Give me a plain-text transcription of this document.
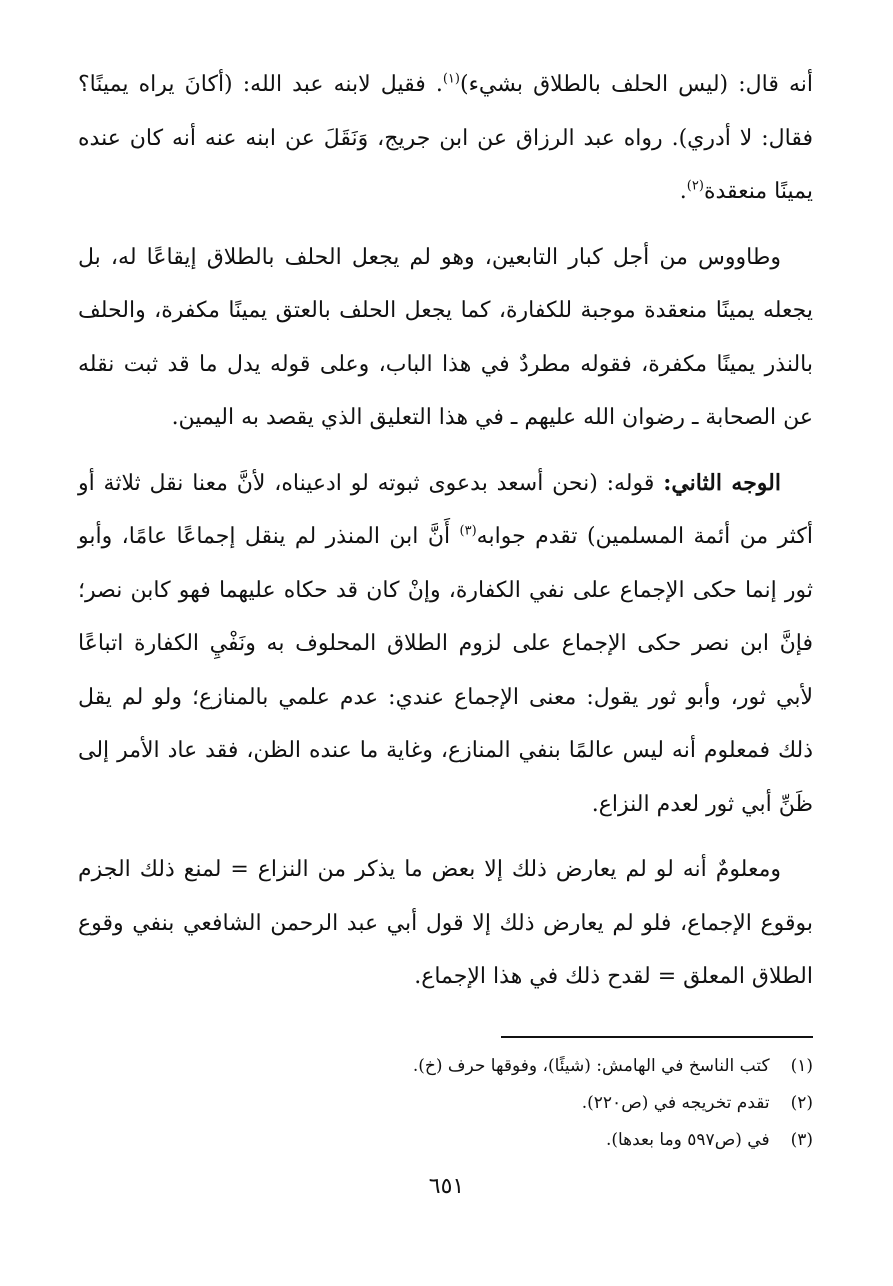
أنه قال: (ليس الحلف بالطلاق بشيء)$^{(١)}$. فقيل لابنه عبد الله: (أكانَ يراه يمينًا؟ فقال: لا أدري). رواه عبد الرزاق عن ابن جريج، وَنَقَلَ عن ابنه عنه أنه كان عنده يمينًا منعقدة$^{(٢)}$.

وطاووس من أجل كبار التابعين، وهو لم يجعل الحلف بالطلاق إيقاعًا له، بل يجعله يمينًا منعقدة موجبة للكفارة، كما يجعل الحلف بالعتق يمينًا مكفرة، والحلف بالنذر يمينًا مكفرة، فقوله مطردٌ في هذا الباب، وعلى قوله يدل ما قد ثبت نقله عن الصحابة ـ رضوان الله عليهم ـ في هذا التعليق الذي يقصد به اليمين.

الوجه الثاني: قوله: (نحن أسعد بدعوى ثبوته لو ادعيناه، لأنَّ معنا نقل ثلاثة أو أكثر من أئمة المسلمين) تقدم جوابه$^{(٣)}$ أَنَّ ابن المنذر لم ينقل إجماعًا عامًا، وأبو ثور إنما حكى الإجماع على نفي الكفارة، وإنْ كان قد حكاه عليهما فهو كابن نصر؛ فإنَّ ابن نصر حكى الإجماع على لزوم الطلاق المحلوف به ونَفْيِ الكفارة اتباعًا لأبي ثور، وأبو ثور يقول: معنى الإجماع عندي: عدم علمي بالمنازع؛ ولو لم يقل ذلك فمعلوم أنه ليس عالمًا بنفي المنازع، وغاية ما عنده الظن، فقد عاد الأمر إلى ظَنِّ أبي ثور لعدم النزاع.

ومعلومٌ أنه لو لم يعارض ذلك إلا بعض ما يذكر من النزاع = لمنع ذلك الجزم بوقوع الإجماع، فلو لم يعارض ذلك إلا قول أبي عبد الرحمن الشافعي بنفي وقوع الطلاق المعلق = لقدح ذلك في هذا الإجماع.

(١) كتب الناسخ في الهامش: (شيئًا)، وفوقها حرف (خ).
(٢) تقدم تخريجه في (ص٢٢٠).
(٣) في (ص٥٩٧ وما بعدها).
٦٥١
